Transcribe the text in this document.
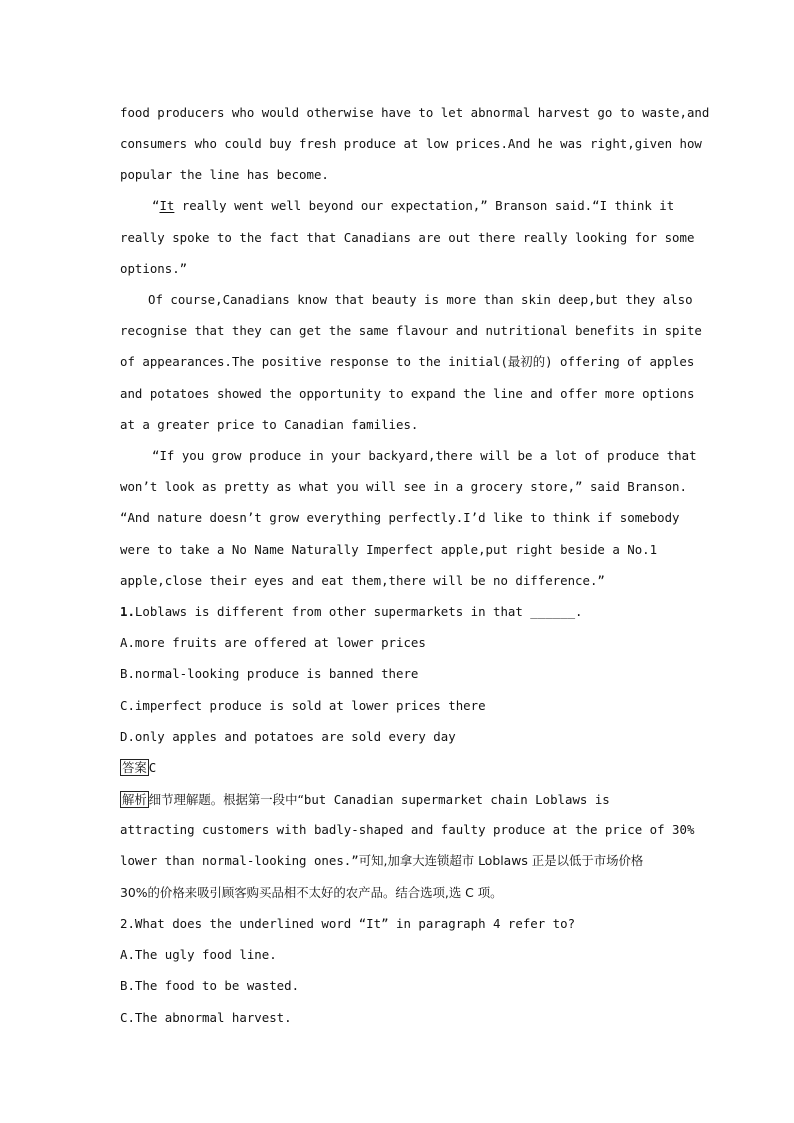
food producers who would otherwise have to let abnormal harvest go to waste,and
consumers who could buy fresh produce at low prices.And he was right,given how
popular the line has become.
“It really went well beyond our expectation,” Branson said.“I think it
really spoke to the fact that Canadians are out there really looking for some
options.”
Of course,Canadians know that beauty is more than skin deep,but they also
recognise that they can get the same flavour and nutritional benefits in spite
of appearances.The positive response to the initial(最初的) offering of apples
and potatoes showed the opportunity to expand the line and offer more options
at a greater price to Canadian families.
“If you grow produce in your backyard,there will be a lot of produce that
won’t look as pretty as what you will see in a grocery store,” said Branson.
“And nature doesn’t grow everything perfectly.I’d like to think if somebody
were to take a No Name Naturally Imperfect apple,put right beside a No.1
apple,close their eyes and eat them,there will be no difference.”
1.Loblaws is different from other supermarkets in that ______.
A.more fruits are offered at lower prices
B.normal-looking produce is banned there
C.imperfect produce is sold at lower prices there
D.only apples and potatoes are sold every day
答案 C
解析 细节理解题。根据第一段中“but Canadian supermarket chain Loblaws is
attracting customers with badly-shaped and faulty produce at the price of 30%
lower than normal-looking ones.”可知,加拿大连锁超市 Loblaws 正是以低于市场价格
30%的价格来吸引顾客购买品相不太好的农产品。结合选项,选 C 项。
2.What does the underlined word “It” in paragraph 4 refer to?
A.The ugly food line.
B.The food to be wasted.
C.The abnormal harvest.
